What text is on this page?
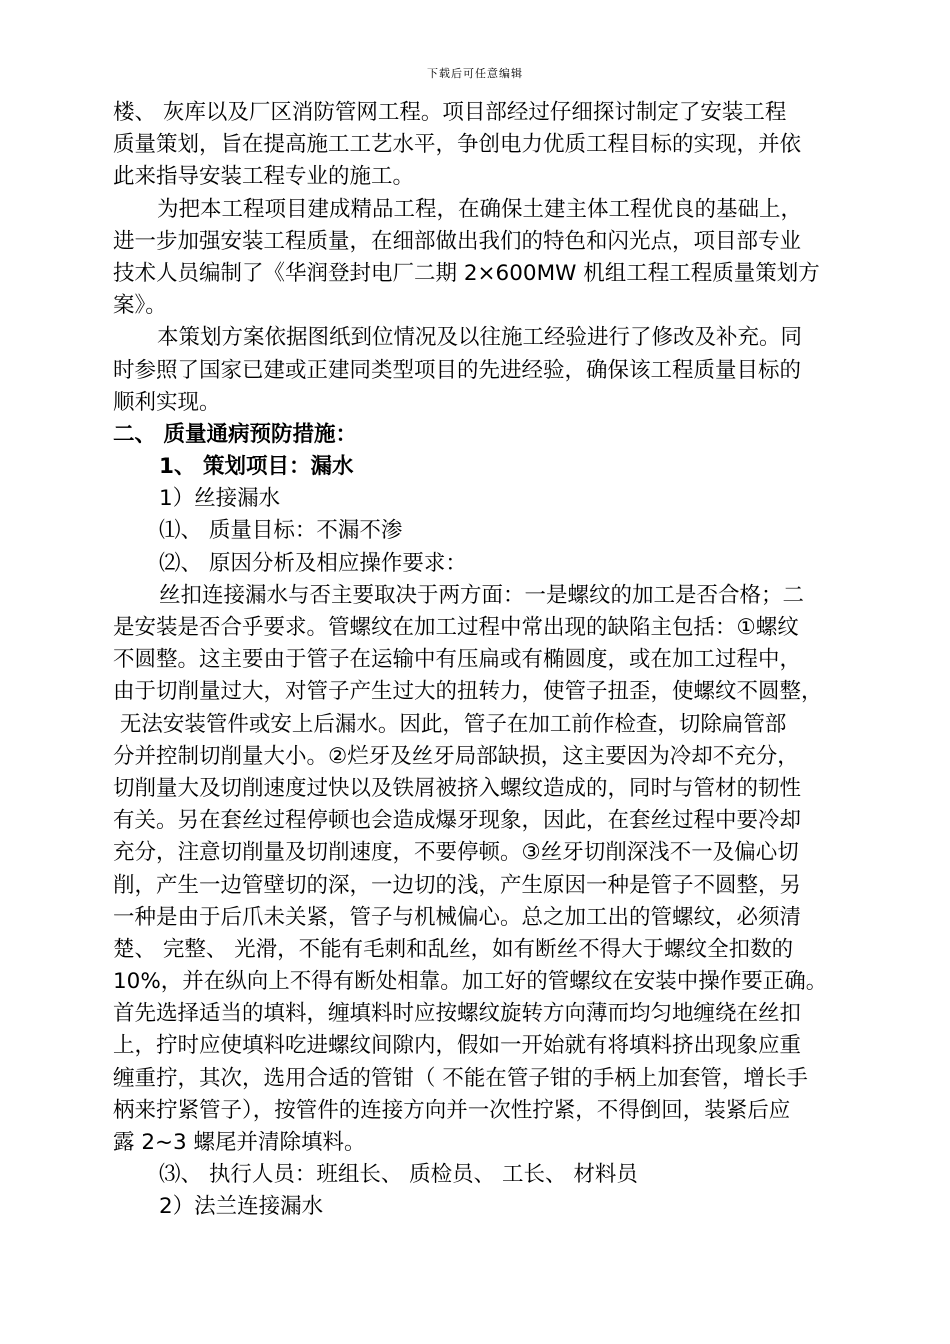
下载后可任意编辑
楼、 灰库以及厂区消防管网工程。项目部经过仔细探讨制定了安装工程
质量策划，旨在提高施工工艺水平，争创电力优质工程目标的实现，并依
此来指导安装工程专业的施工。
为把本工程项目建成精品工程，在确保土建主体工程优良的基础上，
进一步加强安装工程质量，在细部做出我们的特色和闪光点，项目部专业
技术人员编制了《华润登封电厂二期 2×600MW 机组工程工程质量策划方
案》。
本策划方案依据图纸到位情况及以往施工经验进行了修改及补充。同
时参照了国家已建或正建同类型项目的先进经验，确保该工程质量目标的
顺利实现。
二、 质量通病预防措施：
1、 策划项目：漏水
1）丝接漏水
⑴、 质量目标：不漏不渗
⑵、 原因分析及相应操作要求：
丝扣连接漏水与否主要取决于两方面：一是螺纹的加工是否合格；二
是安装是否合乎要求。管螺纹在加工过程中常出现的缺陷主包括：①螺纹
不圆整。这主要由于管子在运输中有压扁或有椭圆度，或在加工过程中，
由于切削量过大，对管子产生过大的扭转力，使管子扭歪，使螺纹不圆整，
无法安装管件或安上后漏水。因此，管子在加工前作检查，切除扁管部
分并控制切削量大小。②烂牙及丝牙局部缺损，这主要因为冷却不充分，
切削量大及切削速度过快以及铁屑被挤入螺纹造成的，同时与管材的韧性
有关。另在套丝过程停顿也会造成爆牙现象，因此，在套丝过程中要冷却
充分，注意切削量及切削速度，不要停顿。③丝牙切削深浅不一及偏心切
削，产生一边管壁切的深，一边切的浅，产生原因一种是管子不圆整，另
一种是由于后爪未关紧，管子与机械偏心。总之加工出的管螺纹，必须清
楚、 完整、 光滑，不能有毛刺和乱丝，如有断丝不得大于螺纹全扣数的
10%，并在纵向上不得有断处相靠。加工好的管螺纹在安装中操作要正确。
首先选择适当的填料，缠填料时应按螺纹旋转方向薄而均匀地缠绕在丝扣
上，拧时应使填料吃进螺纹间隙内，假如一开始就有将填料挤出现象应重
缠重拧，其次，选用合适的管钳（ 不能在管子钳的手柄上加套管，增长手
柄来拧紧管子），按管件的连接方向并一次性拧紧，不得倒回，装紧后应
露 2~3 螺尾并清除填料。
⑶、 执行人员：班组长、 质检员、 工长、 材料员
2）法兰连接漏水
